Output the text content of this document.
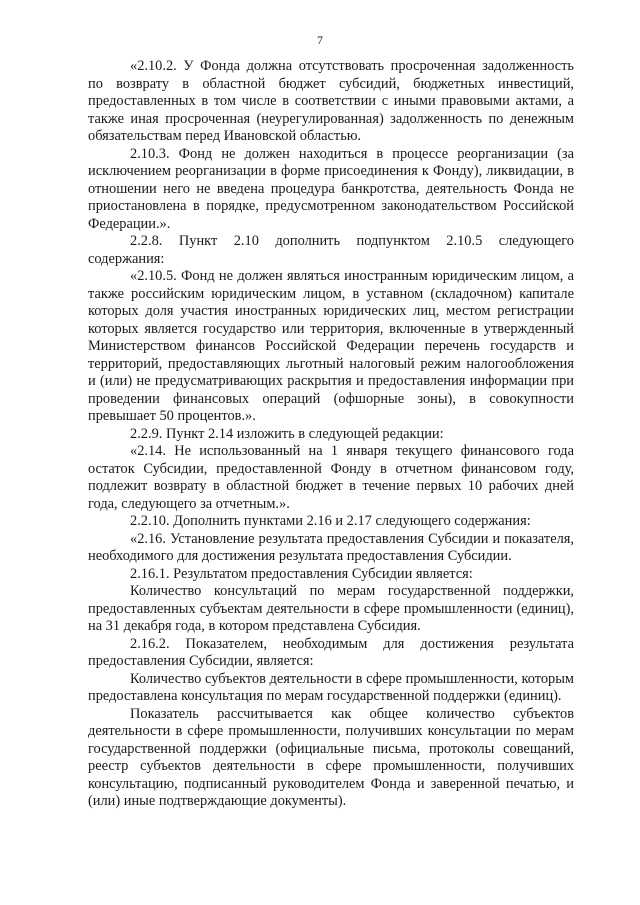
7

«2.10.2. У Фонда должна отсутствовать просроченная задолженность по возврату в областной бюджет субсидий, бюджетных инвестиций, предоставленных в том числе в соответствии с иными правовыми актами, а также иная просроченная (неурегулированная) задолженность по денежным обязательствам перед Ивановской областью.

2.10.3. Фонд не должен находиться в процессе реорганизации (за исключением реорганизации в форме присоединения к Фонду), ликвидации, в отношении него не введена процедура банкротства, деятельность Фонда не приостановлена в порядке, предусмотренном законодательством Российской Федерации.».

2.2.8. Пункт 2.10 дополнить подпунктом 2.10.5 следующего содержания:

«2.10.5. Фонд не должен являться иностранным юридическим лицом, а также российским юридическим лицом, в уставном (складочном) капитале которых доля участия иностранных юридических лиц, местом регистрации которых является государство или территория, включенные в утвержденный Министерством финансов Российской Федерации перечень государств и территорий, предоставляющих льготный налоговый режим налогообложения и (или) не предусматривающих раскрытия и предоставления информации при проведении финансовых операций (офшорные зоны), в совокупности превышает 50 процентов.».

2.2.9. Пункт 2.14 изложить в следующей редакции:

«2.14. Не использованный на 1 января текущего финансового года остаток Субсидии, предоставленной Фонду в отчетном финансовом году, подлежит возврату в областной бюджет в течение первых 10 рабочих дней года, следующего за отчетным.».

2.2.10. Дополнить пунктами 2.16 и 2.17 следующего содержания:

«2.16. Установление результата предоставления Субсидии и показателя, необходимого для достижения результата предоставления Субсидии.

2.16.1. Результатом предоставления Субсидии является:

Количество консультаций по мерам государственной поддержки, предоставленных субъектам деятельности в сфере промышленности (единиц), на 31 декабря года, в котором представлена Субсидия.

2.16.2. Показателем, необходимым для достижения результата предоставления Субсидии, является:

Количество субъектов деятельности в сфере промышленности, которым предоставлена консультация по мерам государственной поддержки (единиц).

Показатель рассчитывается как общее количество субъектов деятельности в сфере промышленности, получивших консультации по мерам государственной поддержки (официальные письма, протоколы совещаний, реестр субъектов деятельности в сфере промышленности, получивших консультацию, подписанный руководителем Фонда и заверенной печатью, и (или) иные подтверждающие документы).
